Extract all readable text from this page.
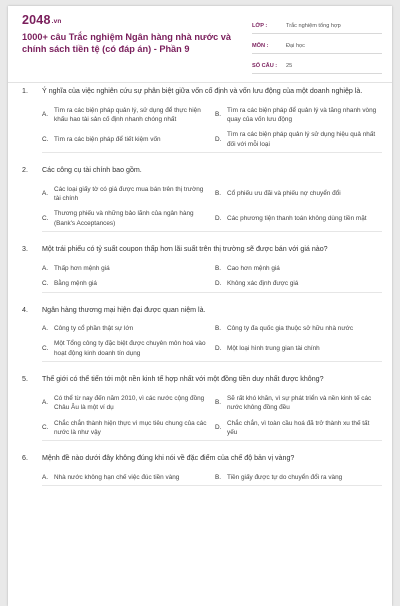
2048.vn
1000+ câu Trắc nghiệm Ngân hàng nhà nước và chính sách tiền tệ (có đáp án) - Phần 9
LỚP :	Trắc nghiệm tổng hợp
MÔN :	Đại học
SỐ CÂU :	25
1.	Ý nghĩa của việc nghiên cứu sự phân biệt giữa vốn cố định và vốn lưu động của một doanh nghiệp là.
A.
Tìm ra các biện pháp quản lý, sử dụng để thực hiện khấu hao tài sản cố định nhanh chóng nhất
B.
Tìm ra các biện pháp để quản lý và tăng nhanh vòng quay của vốn lưu động
C. Tìm ra các biện pháp để tiết kiệm vốn	D.
Tìm ra các biện pháp quản lý sử dụng hiệu quả nhất đối với mỗi loại
2.	Các công cụ tài chính bao gồm.
A.
Các loại giấy tờ có giá được mua bán trên thị trường tài chính
B. Cổ phiếu ưu đãi và phiếu nợ chuyển đổi
C.
Thương phiếu và những bảo lãnh của ngân hàng (Bank's Acceptances)
D. Các phương tiện thanh toán không dùng tiền mặt
3.	Một trái phiếu có tỷ suất coupon thấp hơn lãi suất trên thị trường sẽ được bán với giá nào?
A. Thấp hơn mệnh giá	B. Cao hơn mệnh giá
C. Bằng mệnh giá	D. Không xác định được giá
4.	Ngân hàng thương mại hiện đại được quan niệm là.
A. Công ty cổ phần thật sự lớn	B. Công ty đa quốc gia thuộc sở hữu nhà nước
C.
Một Tổng công ty đặc biệt được chuyên môn hoá vào hoạt động kinh doanh tín dụng
D. Một loại hình trung gian tài chính
5.	Thế giới có thể tiến tới một nền kinh tế hợp nhất với một đồng tiền duy nhất được không?
A.
Có thể từ nay đến năm 2010, vì các nước cộng đồng Châu Âu là một ví dụ
B.
Sẽ rất khó khăn, vì sự phát triển và nền kinh tế các nước không đồng đều
C.
Chắc chắn thành hiện thực vì mục tiêu chung của các nước là như vậy
D.
Chắc chắn, vì toàn cầu hoá đã trở thành xu thế tất yếu
6.	Mệnh đề nào dưới đây không đúng khi nói về đặc điểm của chế độ bản vị vàng?
A. Nhà nước không hạn chế việc đúc tiền vàng	B. Tiền giấy được tự do chuyển đổi ra vàng
